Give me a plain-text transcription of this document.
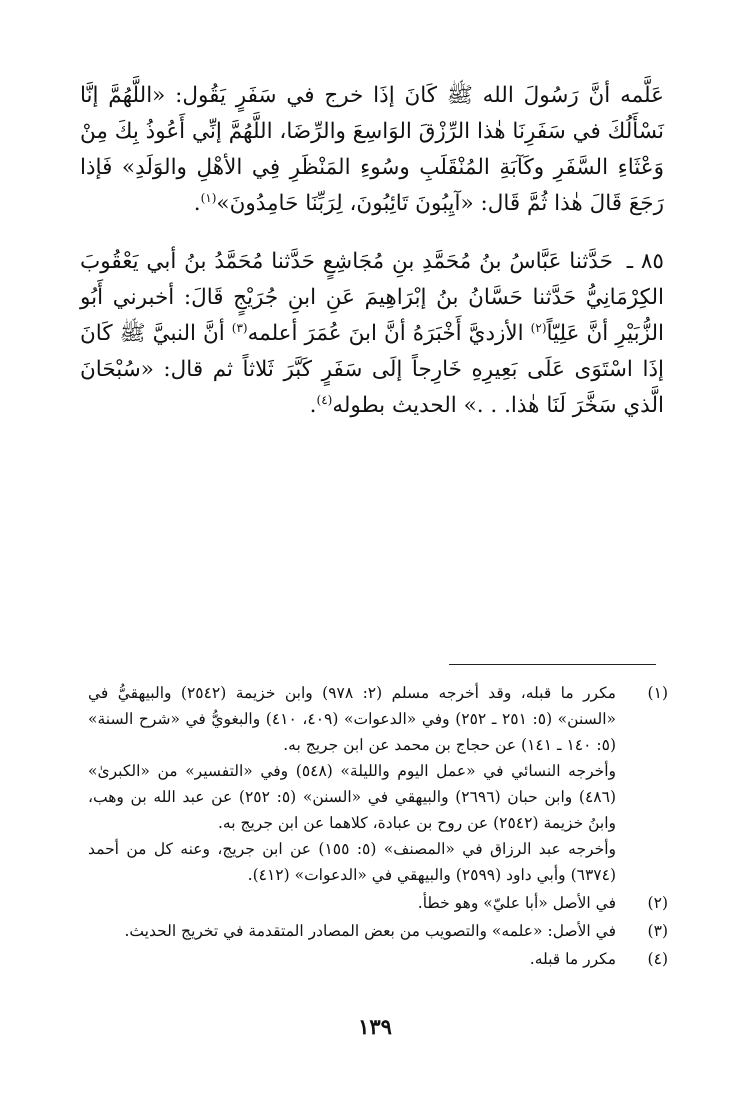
عَلَّمه أنَّ رَسُولَ الله ﷺ كَانَ إذَا خرج في سَفَرٍ يَقُول: «اللَّهُمَّ إنَّا نَسْأَلُكَ في سَفَرِنَا هٰذا الرِّزْقَ الوَاسِعَ والرِّضَا، اللَّهُمَّ إنِّي أَعُوذُ بِكَ مِنْ وَعْثَاءِ السَّفَرِ وكَآبَةِ المُنْقَلَبِ وسُوءِ المَنْظَرِ فِي الأهْلِ والوَلَدِ» فَإذا رَجَعَ قَالَ هٰذا ثُمَّ قَال: «آيِبُونَ تَائِبُونَ، لِرَبِّنَا حَامِدُونَ»$^{(١)}$.

٨٥ ـ حَدَّثنا عَبَّاسُ بنُ مُحَمَّدِ بنِ مُجَاشِعٍ حَدَّثنا مُحَمَّدُ بنُ أبي يَعْقُوبَ الكِرْمَانِيُّ حَدَّثنا حَسَّانُ بنُ إبْرَاهِيمَ عَنِ ابنِ جُرَيْجٍ قَالَ: أخبرني أَبُو الزُّبَيْرِ أنَّ عَلِيّاً$^{(٢)}$ الأزديَّ أَخْبَرَهُ أنَّ ابنَ عُمَرَ أعلمه$^{(٣)}$ أنَّ النبيَّ ﷺ كَانَ إذَا اسْتَوَى عَلَى بَعِيرِهِ خَارِجاً إلَى سَفَرٍ كَبَّرَ ثَلاثاً ثم قال: «سُبْحَانَ الَّذي سَخَّرَ لَنَا هٰذا. . .» الحديث بطوله$^{(٤)}$.

(١)
مكرر ما قبله، وقد أخرجه مسلم (٢: ٩٧٨) وابن خزيمة (٢٥٤٢) والبيهقيُّ في «السنن» (٥: ٢٥١ ـ ٢٥٢) وفي «الدعوات» (٤٠٩، ٤١٠) والبغويُّ في «شرح السنة» (٥: ١٤٠ ـ ١٤١) عن حجاج بن محمد عن ابن جريج به.
وأخرجه النسائي في «عمل اليوم والليلة» (٥٤٨) وفي «التفسير» من «الكبرىٰ» (٤٨٦) وابن حبان (٢٦٩٦) والبيهقي في «السنن» (٥: ٢٥٢) عن عبد الله بن وهب، وابنُ خزيمة (٢٥٤٢) عن روح بن عبادة، كلاهما عن ابن جريج به.
وأخرجه عبد الرزاق في «المصنف» (٥: ١٥٥) عن ابن جريج، وعنه كل من أحمد (٦٣٧٤) وأبي داود (٢٥٩٩) والبيهقي في «الدعوات» (٤١٢).
(٢)
في الأصل «أبا عليّ» وهو خطأ.
(٣)
في الأصل: «علمه» والتصويب من بعض المصادر المتقدمة في تخريج الحديث.
(٤)
مكرر ما قبله.
١٣٩
